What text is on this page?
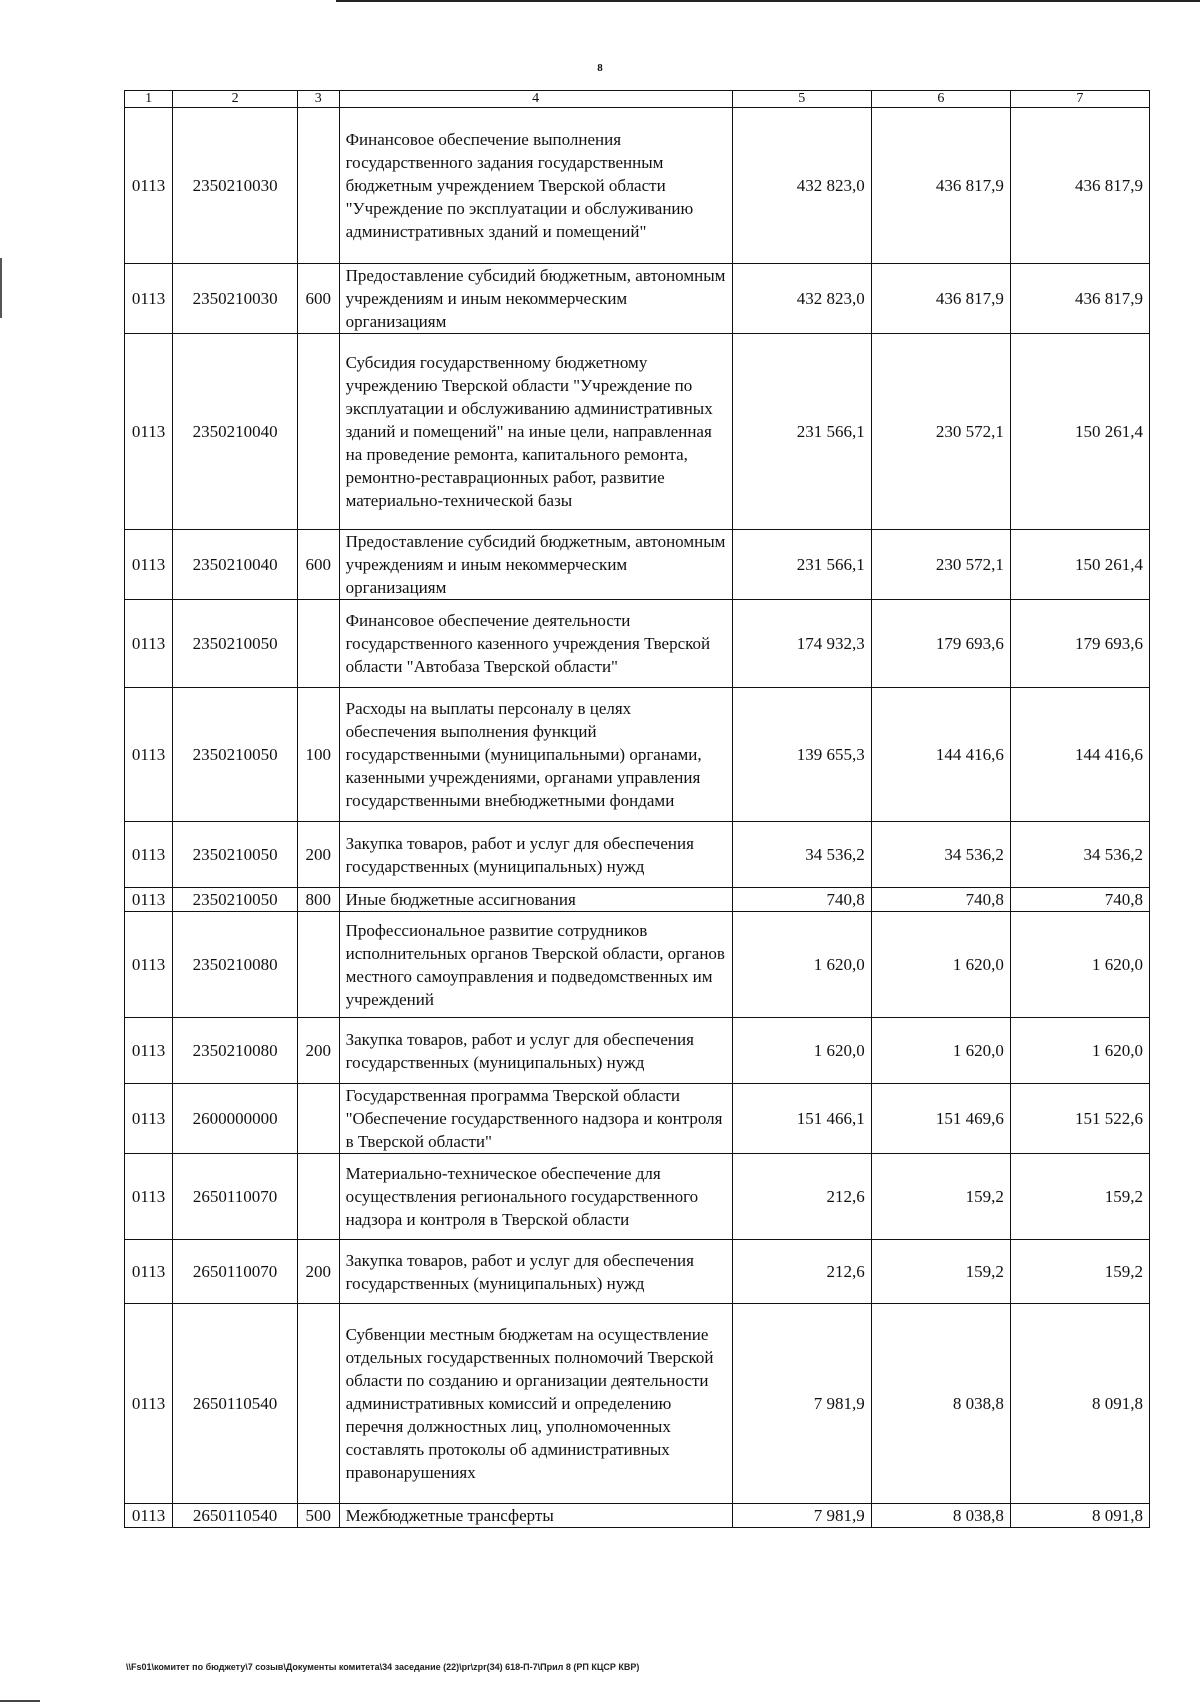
8
1	2	3	4	5	6	7
0113	2350210030		Финансовое обеспечение выполнения государственного задания государственным бюджетным учреждением Тверской области "Учреждение по эксплуатации и обслуживанию административных зданий и помещений"	432 823,0	436 817,9	436 817,9
0113	2350210030	600	Предоставление субсидий бюджетным, автономным учреждениям и иным некоммерческим организациям	432 823,0	436 817,9	436 817,9
0113	2350210040		Субсидия государственному бюджетному учреждению Тверской области "Учреждение по эксплуатации и обслуживанию административных зданий и помещений" на иные цели, направленная на проведение ремонта, капитального ремонта, ремонтно-реставрационных работ, развитие материально-технической базы	231 566,1	230 572,1	150 261,4
0113	2350210040	600	Предоставление субсидий бюджетным, автономным учреждениям и иным некоммерческим организациям	231 566,1	230 572,1	150 261,4
0113	2350210050		Финансовое обеспечение деятельности государственного казенного учреждения Тверской области "Автобаза Тверской области"	174 932,3	179 693,6	179 693,6
0113	2350210050	100	Расходы на выплаты персоналу в целях обеспечения выполнения функций государственными (муниципальными) органами, казенными учреждениями, органами управления государственными внебюджетными фондами	139 655,3	144 416,6	144 416,6
0113	2350210050	200	Закупка товаров, работ и услуг для обеспечения государственных (муниципальных) нужд	34 536,2	34 536,2	34 536,2
0113	2350210050	800	Иные бюджетные ассигнования	740,8	740,8	740,8
0113	2350210080		Профессиональное развитие сотрудников исполнительных органов Тверской области, органов местного самоуправления и подведомственных им учреждений	1 620,0	1 620,0	1 620,0
0113	2350210080	200	Закупка товаров, работ и услуг для обеспечения государственных (муниципальных) нужд	1 620,0	1 620,0	1 620,0
0113	2600000000		Государственная программа Тверской области "Обеспечение государственного надзора и контроля в Тверской области"	151 466,1	151 469,6	151 522,6
0113	2650110070		Материально-техническое обеспечение для осуществления регионального государственного надзора и контроля в Тверской области	212,6	159,2	159,2
0113	2650110070	200	Закупка товаров, работ и услуг для обеспечения государственных (муниципальных) нужд	212,6	159,2	159,2
0113	2650110540		Субвенции местным бюджетам на осуществление отдельных государственных полномочий Тверской области по созданию и организации деятельности административных комиссий и определению перечня должностных лиц, уполномоченных составлять протоколы об административных правонарушениях	7 981,9	8 038,8	8 091,8
0113	2650110540	500	Межбюджетные трансферты	7 981,9	8 038,8	8 091,8
\\Fs01\комитет по бюджету\7 созыв\Документы комитета\34 заседание (22)\pr\zpr(34) 618-П-7\Прил 8 (РП КЦСР КВР)
